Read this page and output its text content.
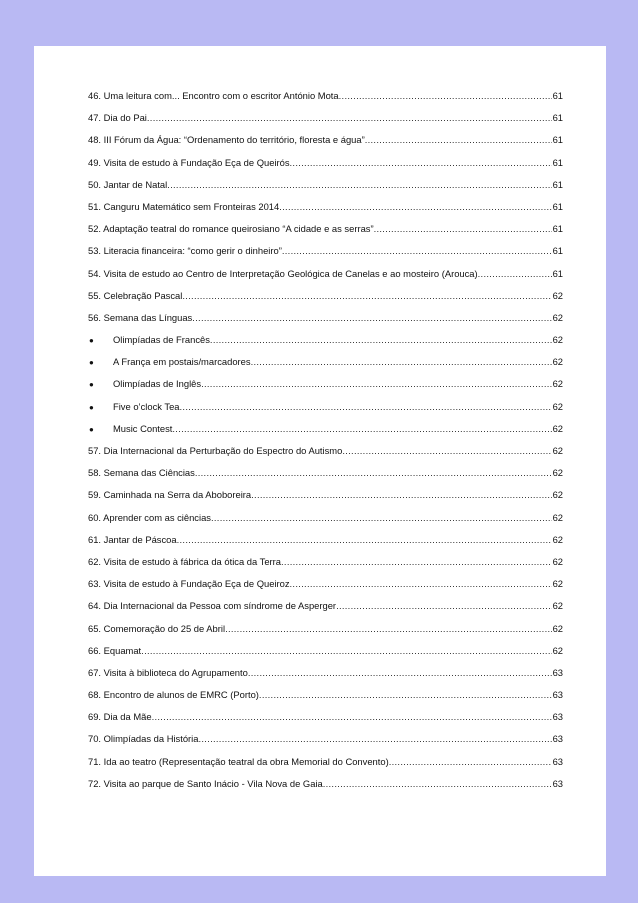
46. Uma leitura com... Encontro com o escritor António Mota .....	61
47. Dia do Pai .....	61
48. III Fórum da Água: “Ordenamento do território, floresta e água” .....	61
49. Visita de estudo à Fundação Eça de Queirós .....	61
50. Jantar de Natal .....	61
51. Canguru Matemático sem Fronteiras 2014 .....	61
52. Adaptação teatral do romance queirosiano “A cidade e as serras” .....	61
53. Literacia financeira: “como gerir o dinheiro” .....	61
54. Visita de estudo ao Centro de Interpretação Geológica de Canelas e ao mosteiro (Arouca) .....	61
55. Celebração Pascal .....	62
56. Semana das Línguas .....	62
●	Olimpíadas de Francês .....	62
●	A França em postais/marcadores .....	62
●	Olimpíadas de Inglês .....	62
●	Five o’clock Tea .....	62
●	Music Contest .....	62
57. Dia Internacional da Perturbação do Espectro do Autismo .....	62
58. Semana das Ciências .....	62
59. Caminhada na Serra da Aboboreira .....	62
60. Aprender com as ciências .....	62
61. Jantar de Páscoa .....	62
62. Visita de estudo à fábrica da ótica da Terra .....	62
63. Visita de estudo à Fundação Eça de Queiroz .....	62
64. Dia Internacional da Pessoa com síndrome de Asperger .....	62
65. Comemoração do 25 de Abril .....	62
66. Equamat .....	62
67. Visita à biblioteca do Agrupamento .....	63
68. Encontro de alunos de EMRC (Porto) .....	63
69. Dia da Mãe .....	63
70. Olimpíadas da História .....	63
71. Ida ao teatro (Representação teatral da obra Memorial do Convento) .....	63
72. Visita ao parque de Santo Inácio - Vila Nova de Gaia .....	63
